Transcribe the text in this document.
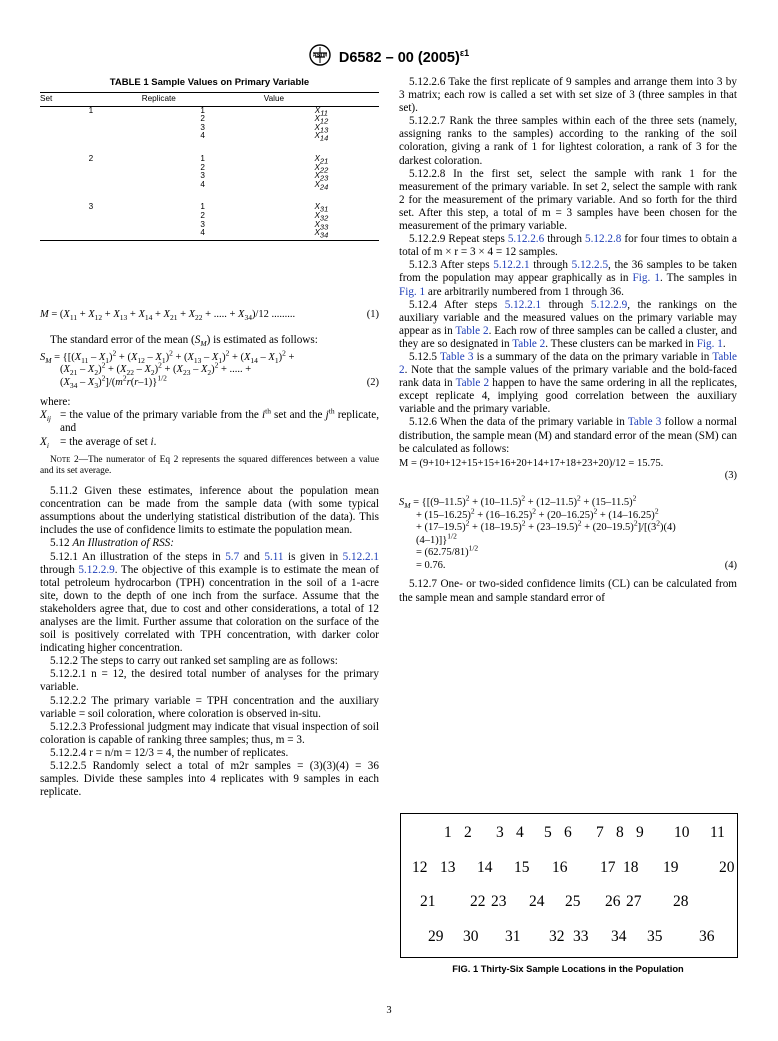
ASTM D6582 – 00 $(2005)^{\varepsilon 1}$
TABLE 1 Sample Values on Primary Variable
Set	Replicate	Value
1	1	$X_{11}$
	2	$X_{12}$
	3	$X_{13}$
	4	$X_{14}$

2	1	$X_{21}$
	2	$X_{22}$
	3	$X_{23}$
	4	$X_{24}$

3	1	$X_{31}$
	2	$X_{32}$
	3	$X_{33}$
	4	$X_{34}$

$M = (X_{11} + X_{12} + X_{13} + X_{14} + X_{21} + X_{22}$ + ..... + $X_{34})/12$ .........	(1)

The standard error of the mean $(S_M)$ is estimated as follows:

$S_M = \{[(X_{11} - X_1)^2 + (X_{12} - X_1)^2 + (X_{13} - X_1)^2 + (X_{14} - X_1)^2$ +
$(X_{21} - X_2)^2 + (X_{22} - X_2)^2 + (X_{23} - X_2)^2$ + ..... +
$(X_{34} - X_3)^2]/(m^2r(r-1)\}^{1/2}$	(2)

where:

$X_{ij}$ = the value of the primary variable from the $i^{th}$ set and the $j^{th}$ replicate, and
$X_i$ = the average of set i.

Note 2—The numerator of Eq 2 represents the squared differences between a value and its set average.

5.11.2 Given these estimates, inference about the population mean concentration can be made from the sample data (with some typical assumptions about the underlying statistical distribution of the data). This includes the use of confidence limits to estimate the population mean.

5.12 An Illustration of RSS:

5.12.1 An illustration of the steps in 5.7 and 5.11 is given in 5.12.2.1 through 5.12.2.9. The objective of this example is to estimate the mean of total petroleum hydrocarbon (TPH) concentration in the soil of a 1-acre site, down to the depth of one inch from the surface. Assume that the stakeholders agree that, due to cost and other considerations, a total of 12 analyses are the limit. Further assume that coloration on the surface of the soil is positively correlated with TPH concentration, with darker color indicating higher concentration.

5.12.2 The steps to carry out ranked set sampling are as follows:

5.12.2.1 n = 12, the desired total number of analyses for the primary variable.

5.12.2.2 The primary variable = TPH concentration and the auxiliary variable = soil coloration, where coloration is observed in-situ.

5.12.2.3 Professional judgment may indicate that visual inspection of soil coloration is capable of ranking three samples; thus, m = 3.

5.12.2.4 r = n/m = 12/3 = 4, the number of replicates.

5.12.2.5 Randomly select a total of m2r samples = (3)(3)(4) = 36 samples. Divide these samples into 4 replicates with 9 samples in each replicate.

5.12.2.6 Take the first replicate of 9 samples and arrange them into 3 by 3 matrix; each row is called a set with set size of 3 (three samples in that set).

5.12.2.7 Rank the three samples within each of the three sets (namely, assigning ranks to the samples) according to the ranking of the soil coloration, giving a rank of 1 for lightest coloration, a rank of 3 for the darkest coloration.

5.12.2.8 In the first set, select the sample with rank 1 for the measurement of the primary variable. In set 2, select the sample with rank 2 for the measurement of the primary variable. And so forth for the third set. After this step, a total of m = 3 samples have been chosen for the measurement of the primary variable.

5.12.2.9 Repeat steps 5.12.2.6 through 5.12.2.8 for four times to obtain a total of m × r = 3 × 4 = 12 samples.

5.12.3 After steps 5.12.2.1 through 5.12.2.5, the 36 samples to be taken from the population may appear graphically as in Fig. 1. The samples in Fig. 1 are arbitrarily numbered from 1 through 36.

5.12.4 After steps 5.12.2.1 through 5.12.2.9, the rankings on the auxiliary variable and the measured values on the primary variable may appear as in Table 2. Each row of three samples can be called a cluster, and they are so designated in Table 2. These clusters can be marked in Fig. 1.

5.12.5 Table 3 is a summary of the data on the primary variable in Table 2. Note that the sample values of the primary variable and the bold-faced rank data in Table 2 happen to have the same ordering in all the replicates, except replicate 4, implying good correlation between the auxiliary variable and the primary variable.

5.12.6 When the data of the primary variable in Table 3 follow a normal distribution, the sample mean (M) and standard error of the mean (SM) can be calculated as follows:

M = (9+10+12+15+15+16+20+14+17+18+23+20)/12 = 15.75.

(3)
$S_M = \{[(9-11.5)^2 + (10-11.5)^2 + (12-11.5)^2 + (15-11.5)^2$
+ $(15-16.25)^2 + (16-16.25)^2 + (20-16.25)^2 + (14-16.25)^2$
+ $(17-19.5)^2 + (18-19.5)^2 + (23-19.5)^2 + (20-19.5)^2]/[(3^2)(4)$
(4–1)]}$^{1/2}$
= $(62.75/81)^{1/2}$
= 0.76.	(4)

5.12.7 One- or two-sided confidence limits (CL) can be calculated from the sample mean and sample standard error of

1 2 3 4 5 6 7 8 9 10 11
12 13 14 15 16 17 18 19	20
21 22 23 24 25 26 27 28
29 30 31 32 33 34 35 36
FIG. 1 Thirty-Six Sample Locations in the Population
3
